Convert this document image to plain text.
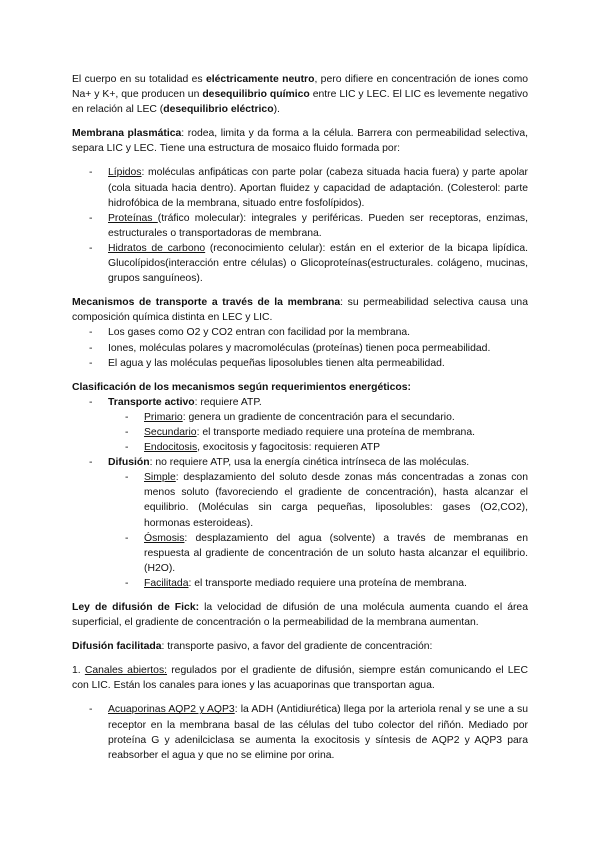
El cuerpo en su totalidad es eléctricamente neutro, pero difiere en concentración de iones como Na+ y K+, que producen un desequilibrio químico entre LIC y LEC. El LIC es levemente negativo en relación al LEC (desequilibrio eléctrico).

Membrana plasmática: rodea, limita y da forma a la célula. Barrera con permeabilidad selectiva, separa LIC y LEC. Tiene una estructura de mosaico fluido formada por:

- Lípidos: moléculas anfipáticas con parte polar (cabeza situada hacia fuera) y parte apolar (cola situada hacia dentro). Aportan fluidez y capacidad de adaptación. (Colesterol: parte hidrofóbica de la membrana, situado entre fosfolípidos).
- Proteínas (tráfico molecular): integrales y periféricas. Pueden ser receptoras, enzimas, estructurales o transportadoras de membrana.
- Hidratos de carbono (reconocimiento celular): están en el exterior de la bicapa lipídica. Glucolípidos(interacción entre células) o Glicoproteínas(estructurales. colágeno, mucinas, grupos sanguíneos).

Mecanismos de transporte a través de la membrana: su permeabilidad selectiva causa una composición química distinta en LEC y LIC.

- Los gases como O2 y CO2 entran con facilidad por la membrana.
- Iones, moléculas polares y macromoléculas (proteínas) tienen poca permeabilidad.
- El agua y las moléculas pequeñas liposolubles tienen alta permeabilidad.

Clasificación de los mecanismos según requerimientos energéticos:

- Transporte activo: requiere ATP.
- Primario: genera un gradiente de concentración para el secundario.
- Secundario: el transporte mediado requiere una proteína de membrana.
- Endocitosis, exocitosis y fagocitosis: requieren ATP
- Difusión: no requiere ATP, usa la energía cinética intrínseca de las moléculas.
- Simple: desplazamiento del soluto desde zonas más concentradas a zonas con menos soluto (favoreciendo el gradiente de concentración), hasta alcanzar el equilibrio. (Moléculas sin carga pequeñas, liposolubles: gases (O2,CO2), hormonas esteroideas).
- Ósmosis: desplazamiento del agua (solvente) a través de membranas en respuesta al gradiente de concentración de un soluto hasta alcanzar el equilibrio. (H2O).
- Facilitada: el transporte mediado requiere una proteína de membrana.

Ley de difusión de Fick: la velocidad de difusión de una molécula aumenta cuando el área superficial, el gradiente de concentración o la permeabilidad de la membrana aumentan.

Difusión facilitada: transporte pasivo, a favor del gradiente de concentración:

1. Canales abiertos: regulados por el gradiente de difusión, siempre están comunicando el LEC con LIC. Están los canales para iones y las acuaporinas que transportan agua.

- Acuaporinas AQP2 y AQP3: la ADH (Antidiurética) llega por la arteriola renal y se une a su receptor en la membrana basal de las células del tubo colector del riñón. Mediado por proteína G y adenilciclasa se aumenta la exocitosis y síntesis de AQP2 y AQP3 para reabsorber el agua y que no se elimine por orina.
